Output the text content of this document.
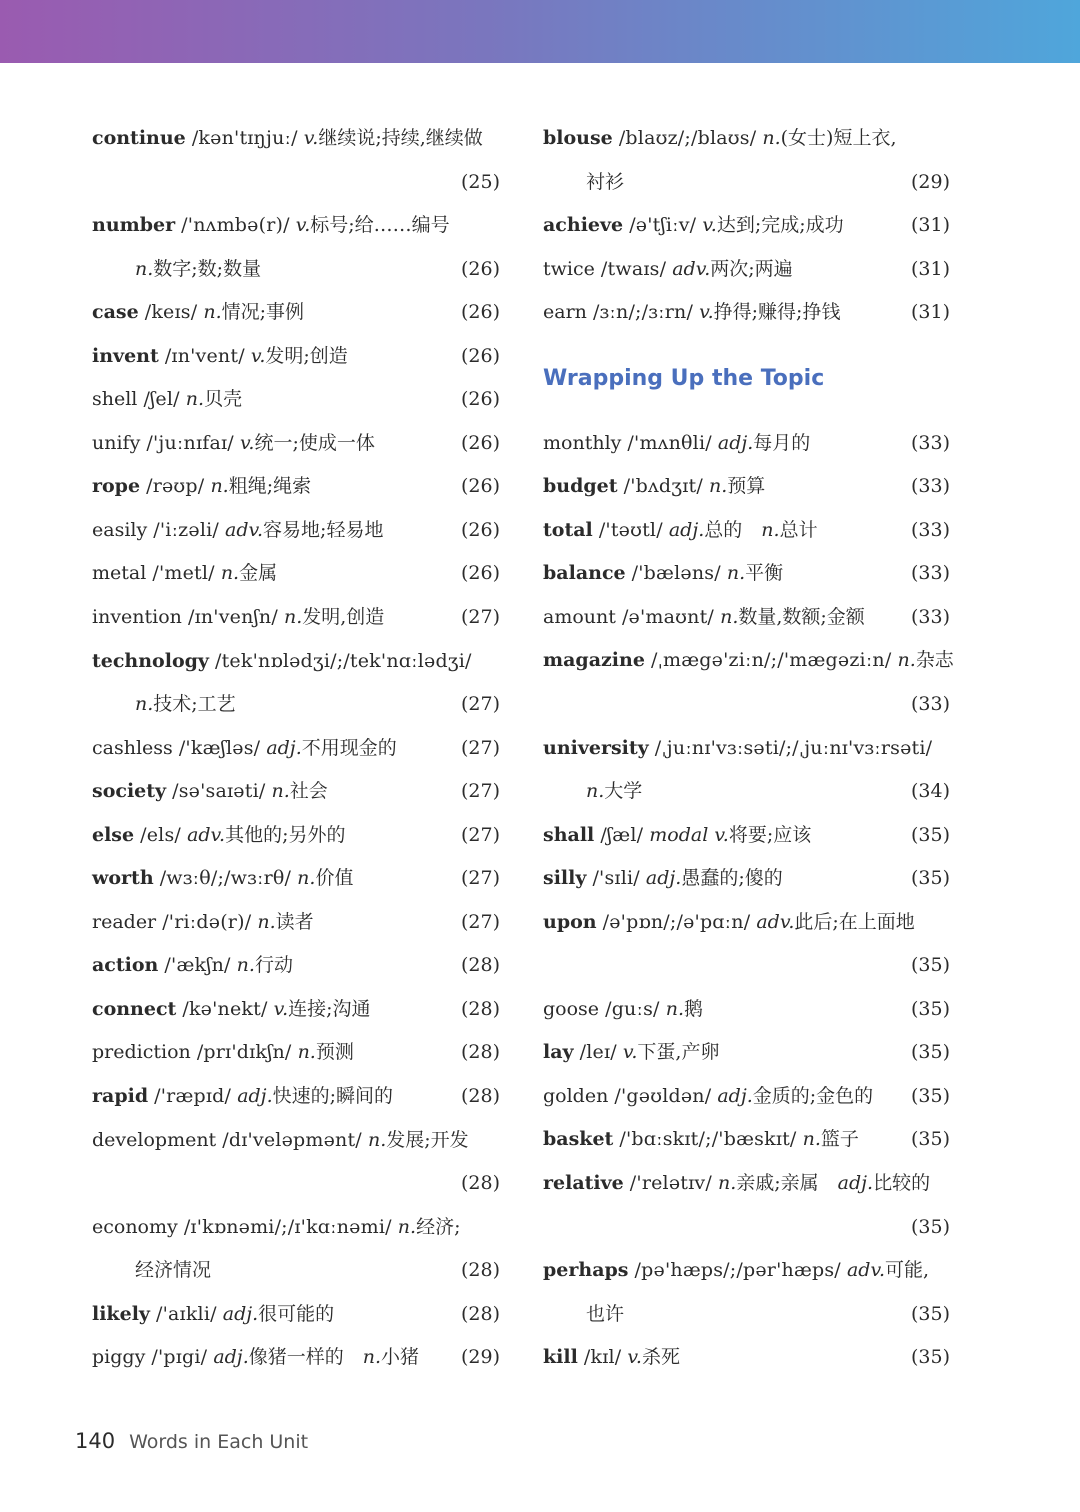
continue /kən'tɪŋjuː/ v.继续说;持续,继续做
(25)
number /'nʌmbə(r)/ v.标号;给……编号
n.数字;数;数量	(26)
case /keɪs/ n.情况;事例	(26)
invent /ɪn'vent/ v.发明;创造	(26)
shell /ʃel/ n.贝壳	(26)
unify /'juːnɪfaɪ/ v.统一;使成一体	(26)
rope /rəʊp/ n.粗绳;绳索	(26)
easily /'iːzəli/ adv.容易地;轻易地	(26)
metal /'metl/ n.金属	(26)
invention /ɪn'venʃn/ n.发明,创造	(27)
technology /tek'nɒlədʒi/;/tek'nɑːlədʒi/
n.技术;工艺	(27)
cashless /'kæʃləs/ adj.不用现金的	(27)
society /sə'saɪəti/ n.社会	(27)
else /els/ adv.其他的;另外的	(27)
worth /wɜːθ/;/wɜːrθ/ n.价值	(27)
reader /'riːdə(r)/ n.读者	(27)
action /'ækʃn/ n.行动	(28)
connect /kə'nekt/ v.连接;沟通	(28)
prediction /prɪ'dɪkʃn/ n.预测	(28)
rapid /'ræpɪd/ adj.快速的;瞬间的	(28)
development /dɪ'veləpmənt/ n.发展;开发
(28)
economy /ɪ'kɒnəmi/;/ɪ'kɑːnəmi/ n.经济;
经济情况	(28)
likely /'aɪkli/ adj.很可能的	(28)
piggy /'pɪgi/ adj.像猪一样的  n.小猪 (29)
blouse /blaʊz/;/blaʊs/ n.(女士)短上衣,
衬衫	(29)
achieve /ə'tʃiːv/ v.达到;完成;成功	(31)
twice /twaɪs/ adv.两次;两遍	(31)
earn /ɜːn/;/ɜːrn/ v.挣得;赚得;挣钱	(31)
Wrapping Up the Topic
monthly /'mʌnθli/ adj.每月的	(33)
budget /'bʌdʒɪt/ n.预算	(33)
total /'təʊtl/ adj.总的  n.总计	(33)
balance /'bæləns/ n.平衡	(33)
amount /ə'maʊnt/ n.数量,数额;金额 (33)
magazine /ˌmægə'ziːn/;/'mægəziːn/ n.杂志
(33)
university /ˌjuːnɪ'vɜːsəti/;/ˌjuːnɪ'vɜːrsəti/
n.大学	(34)
shall /ʃæl/ modal v.将要;应该	(35)
silly /'sɪli/ adj.愚蠢的;傻的	(35)
upon /ə'pɒn/;/ə'pɑːn/ adv.此后;在上面地
(35)
goose /guːs/ n.鹅	(35)
lay /leɪ/ v.下蛋,产卵	(35)
golden /'gəʊldən/ adj.金质的;金色的 (35)
basket /'bɑːskɪt/;/'bæskɪt/ n.篮子	(35)
relative /'relətɪv/ n.亲戚;亲属  adj.比较的
(35)
perhaps /pə'hæps/;/pər'hæps/ adv.可能,
也许	(35)
kill /kɪl/ v.杀死	(35)
140 Words in Each Unit
